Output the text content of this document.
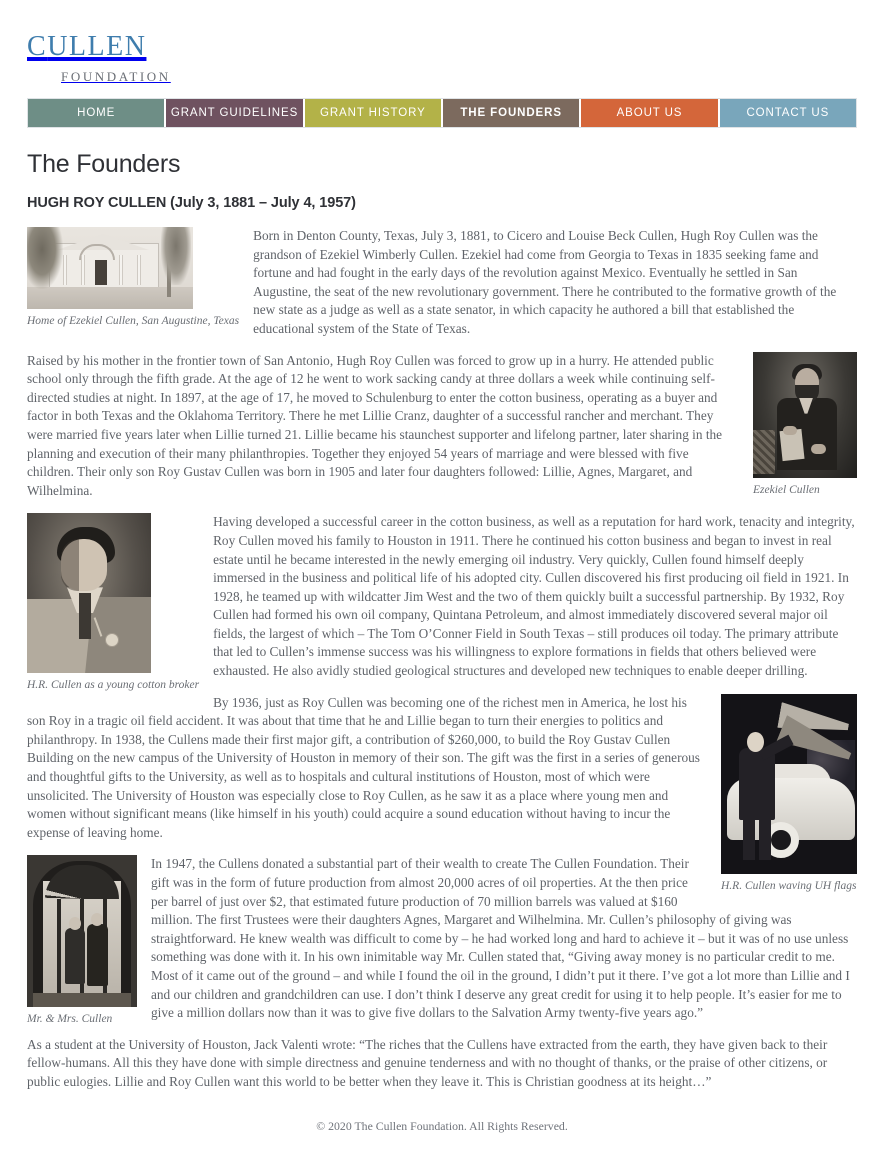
cullen
foundation
HOME	GRANT GUIDELINES	GRANT HISTORY	THE FOUNDERS	ABOUT US	CONTACT US
The Founders
HUGH ROY CULLEN (July 3, 1881 – July 4, 1957)
Home of Ezekiel Cullen, San Augustine, Texas

Born in Denton County, Texas, July 3, 1881, to Cicero and Louise Beck Cullen, Hugh Roy Cullen was the grandson of Ezekiel Wimberly Cullen. Ezekiel had come from Georgia to Texas in 1835 seeking fame and fortune and had fought in the early days of the revolution against Mexico. Eventually he settled in San Augustine, the seat of the new revolutionary government. There he contributed to the formative growth of the new state as a judge as well as a state senator, in which capacity he authored a bill that established the educational system of the State of Texas.

Ezekiel Cullen

Raised by his mother in the frontier town of San Antonio, Hugh Roy Cullen was forced to grow up in a hurry. He attended public school only through the fifth grade. At the age of 12 he went to work sacking candy at three dollars a week while continuing self-directed studies at night. In 1897, at the age of 17, he moved to Schulenburg to enter the cotton business, operating as a buyer and factor in both Texas and the Oklahoma Territory. There he met Lillie Cranz, daughter of a successful rancher and merchant. They were married five years later when Lillie turned 21. Lillie became his staunchest supporter and lifelong partner, later sharing in the planning and execution of their many philanthropies. Together they enjoyed 54 years of marriage and were blessed with five children. Their only son Roy Gustav Cullen was born in 1905 and later four daughters followed: Lillie, Agnes, Margaret, and Wilhelmina.

H.R. Cullen as a young cotton broker

Having developed a successful career in the cotton business, as well as a reputation for hard work, tenacity and integrity, Roy Cullen moved his family to Houston in 1911. There he continued his cotton business and began to invest in real estate until he became interested in the newly emerging oil industry. Very quickly, Cullen found himself deeply immersed in the business and political life of his adopted city. Cullen discovered his first producing oil field in 1921. In 1928, he teamed up with wildcatter Jim West and the two of them quickly built a successful partnership. By 1932, Roy Cullen had formed his own oil company, Quintana Petroleum, and almost immediately discovered several major oil fields, the largest of which – The Tom O’Conner Field in South Texas – still produces oil today. The primary attribute that led to Cullen’s immense success was his willingness to explore formations in fields that others believed were exhausted. He also avidly studied geological structures and developed new techniques to enable deeper drilling.

H.R. Cullen waving UH flags

By 1936, just as Roy Cullen was becoming one of the richest men in America, he lost his son Roy in a tragic oil field accident. It was about that time that he and Lillie began to turn their energies to politics and philanthropy. In 1938, the Cullens made their first major gift, a contribution of $260,000, to build the Roy Gustav Cullen Building on the new campus of the University of Houston in memory of their son. The gift was the first in a series of generous and thoughtful gifts to the University, as well as to hospitals and cultural institutions of Houston, most of which were unsolicited. The University of Houston was especially close to Roy Cullen, as he saw it as a place where young men and women without significant means (like himself in his youth) could acquire a sound education without having to incur the expense of leaving home.

Mr. & Mrs. Cullen

In 1947, the Cullens donated a substantial part of their wealth to create The Cullen Foundation. Their gift was in the form of future production from almost 20,000 acres of oil properties. At the then price per barrel of just over $2, that estimated future production of 70 million barrels was valued at $160 million. The first Trustees were their daughters Agnes, Margaret and Wilhelmina. Mr. Cullen’s philosophy of giving was straightforward. He knew wealth was difficult to come by – he had worked long and hard to achieve it – but it was of no use unless something was done with it. In his own inimitable way Mr. Cullen stated that, “Giving away money is no particular credit to me. Most of it came out of the ground – and while I found the oil in the ground, I didn’t put it there. I’ve got a lot more than Lillie and I and our children and grandchildren can use. I don’t think I deserve any great credit for using it to help people. It’s easier for me to give a million dollars now than it was to give five dollars to the Salvation Army twenty-five years ago.”

As a student at the University of Houston, Jack Valenti wrote: “The riches that the Cullens have extracted from the earth, they have given back to their fellow-humans. All this they have done with simple directness and genuine tenderness and with no thought of thanks, or the praise of other citizens, or public eulogies. Lillie and Roy Cullen want this world to be better when they leave it. This is Christian goodness at its height…”

© 2020 The Cullen Foundation. All Rights Reserved.
